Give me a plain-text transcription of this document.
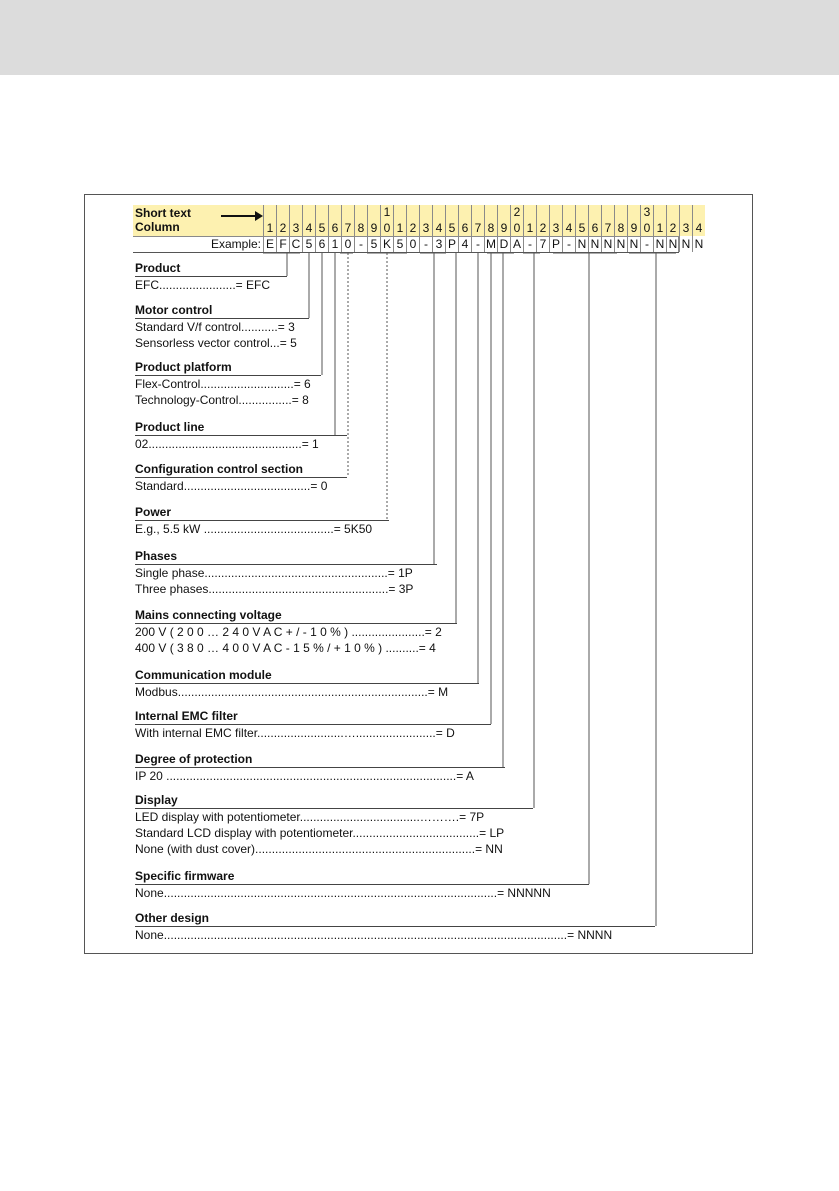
Short text
Column
Example:
1
E
2
F
3
C
4
5
5
6
6
1
7
0
8
-
9
5
1
0
K
1
5
2
0
3
-
4
3
5
P
6
4
7
-
8
M
9
D
2
0
A
1
-
2
7
3
P
4
-
5
N
6
N
7
N
8
N
9
N
3
0
-
1
N
2
N
3
N
4
N
Product
EFC.......................= EFC
Motor control
Standard V/f control...........= 3
Sensorless vector control...= 5
Product platform
Flex-Control............................= 6
Technology-Control................= 8
Product line
02..............................................= 1
Configuration control section
Standard......................................= 0
Power
E.g., 5.5 kW .......................................= 5K50
Phases
Single phase.......................................................= 1P
Three phases......................................................= 3P
Mains connecting voltage
200 V ( 2 0 0 … 2 4 0 V A C + / - 1 0 % ) ......................= 2
400 V ( 3 8 0 … 4 0 0 V A C - 1 5 % / + 1 0 % ) ..........= 4
Communication module
Modbus...........................................................................= M
Internal EMC filter
With internal EMC filter..........................…........................= D
Degree of protection
IP 20 .......................................................................................= A
Display
LED display with potentiometer....................................……….= 7P
Standard LCD display with potentiometer......................................= LP
None (with dust cover)..................................................................= NN
Specific firmware
None....................................................................................................= NNNNN
Other design
None.........................................................................................................................= NNNN
